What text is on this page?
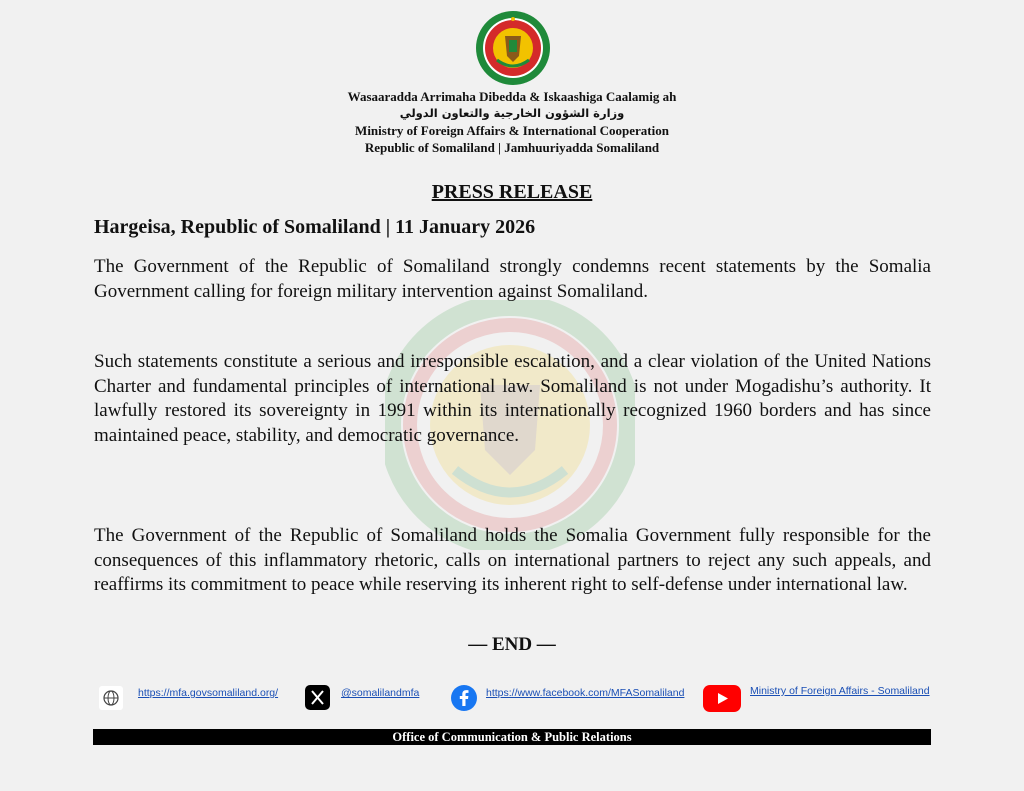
Wasaaradda Arrimaha Dibedda & Iskaashiga Caalamig ah

وزارة الشؤون الخارجية والتعاون الدولي

Ministry of Foreign Affairs & International Cooperation

Republic of Somaliland | Jamhuuriyadda Somaliland

PRESS RELEASE

Hargeisa, Republic of Somaliland | 11 January 2026

The Government of the Republic of Somaliland strongly condemns recent statements by the Somalia Government calling for foreign military intervention against Somaliland.

Such statements constitute a serious and irresponsible escalation, and a clear violation of the United Nations Charter and fundamental principles of international law. Somaliland is not under Mogadishu’s authority. It lawfully restored its sovereignty in 1991 within its internationally recognized 1960 borders and has since maintained peace, stability, and democratic governance.

The Government of the Republic of Somaliland holds the Somalia Government fully responsible for the consequences of this inflammatory rhetoric, calls on international partners to reject any such appeals, and reaffirms its commitment to peace while reserving its inherent right to self-defense under international law.

— END —

https://mfa.govsomaliland.org/	@somalilandmfa	https://www.facebook.com/MFASomaliland	Ministry of Foreign Affairs - Somaliland
Office of Communication & Public Relations
